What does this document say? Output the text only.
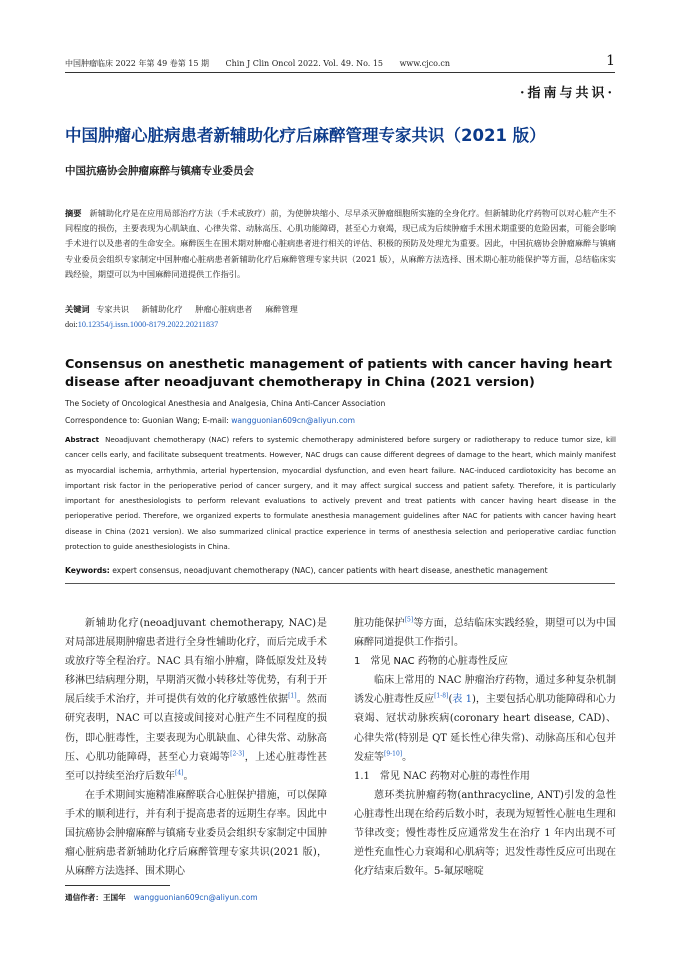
中国肿瘤临床 2022 年第 49 卷第 15 期 Chin J Clin Oncol 2022. Vol. 49. No. 15 www.cjco.cn	1
·指南与共识·
中国肿瘤心脏病患者新辅助化疗后麻醉管理专家共识（2021 版）
中国抗癌协会肿瘤麻醉与镇痛专业委员会
摘要 新辅助化疗是在应用局部治疗方法（手术或放疗）前，为使肿块缩小、尽早杀灭肿瘤细胞所实施的全身化疗。但新辅助化疗药物可以对心脏产生不同程度的损伤，主要表现为心肌缺血、心律失常、动脉高压、心肌功能障碍，甚至心力衰竭，现已成为后续肿瘤手术围术期重要的危险因素，可能会影响手术进行以及患者的生命安全。麻醉医生在围术期对肿瘤心脏病患者进行相关的评估、积极的预防及处理尤为重要。因此，中国抗癌协会肿瘤麻醉与镇痛专业委员会组织专家制定中国肿瘤心脏病患者新辅助化疗后麻醉管理专家共识（2021 版），从麻醉方法选择、围术期心脏功能保护等方面，总结临床实践经验，期望可以为中国麻醉同道提供工作指引。
关键词 专家共识 新辅助化疗 肿瘤心脏病患者 麻醉管理
doi:10.12354/j.issn.1000-8179.2022.20211837
Consensus on anesthetic management of patients with cancer having heart disease after neoadjuvant chemotherapy in China (2021 version)
The Society of Oncological Anesthesia and Analgesia, China Anti-Cancer Association
Correspondence to: Guonian Wang; E-mail: wangguonian609cn@aliyun.com
Abstract Neoadjuvant chemotherapy (NAC) refers to systemic chemotherapy administered before surgery or radiotherapy to reduce tumor size, kill cancer cells early, and facilitate subsequent treatments. However, NAC drugs can cause different degrees of damage to the heart, which mainly manifest as myocardial ischemia, arrhythmia, arterial hypertension, myocardial dysfunction, and even heart failure. NAC-induced cardiotoxicity has become an important risk factor in the perioperative period of cancer surgery, and it may affect surgical success and patient safety. Therefore, it is particularly important for anesthesiologists to perform relevant evaluations to actively prevent and treat patients with cancer having heart disease in the perioperative period. Therefore, we organized experts to formulate anesthesia management guidelines after NAC for patients with cancer having heart disease in China (2021 version). We also summarized clinical practice experience in terms of anesthesia selection and perioperative cardiac function protection to guide anesthesiologists in China.
Keywords: expert consensus, neoadjuvant chemotherapy (NAC), cancer patients with heart disease, anesthetic management

新辅助化疗(neoadjuvant chemotherapy, NAC)是对局部进展期肿瘤患者进行全身性辅助化疗，而后完成手术或放疗等全程治疗。NAC 具有缩小肿瘤，降低原发灶及转移淋巴结病理分期，早期消灭微小转移灶等优势，有利于开展后续手术治疗，并可提供有效的化疗敏感性依据[1]。然而研究表明，NAC 可以直接或间接对心脏产生不同程度的损伤，即心脏毒性，主要表现为心肌缺血、心律失常、动脉高压、心肌功能障碍，甚至心力衰竭等[2-3]，上述心脏毒性甚至可以持续至治疗后数年[4]。

在手术期间实施精准麻醉联合心脏保护措施，可以保障手术的顺利进行，并有利于提高患者的远期生存率。因此中国抗癌协会肿瘤麻醉与镇痛专业委员会组织专家制定中国肿瘤心脏病患者新辅助化疗后麻醉管理专家共识(2021 版)，从麻醉方法选择、围术期心

脏功能保护[5]等方面，总结临床实践经验，期望可以为中国麻醉同道提供工作指引。

1　常见 NAC 药物的心脏毒性反应

临床上常用的 NAC 肿瘤治疗药物，通过多种复杂机制诱发心脏毒性反应[1-8](表 1)，主要包括心肌功能障碍和心力衰竭、冠状动脉疾病(coronary heart disease, CAD)、心律失常(特别是 QT 延长性心律失常)、动脉高压和心包并发症等[9-10]。

1.1　常见 NAC 药物对心脏的毒性作用

蒽环类抗肿瘤药物(anthracycline, ANT)引发的急性心脏毒性出现在给药后数小时，表现为短暂性心脏电生理和节律改变；慢性毒性反应通常发生在治疗 1 年内出现不可逆性充血性心力衰竭和心肌病等；迟发性毒性反应可出现在化疗结束后数年。5-氟尿嘧啶

通信作者：王国年 wangguonian609cn@aliyun.com
